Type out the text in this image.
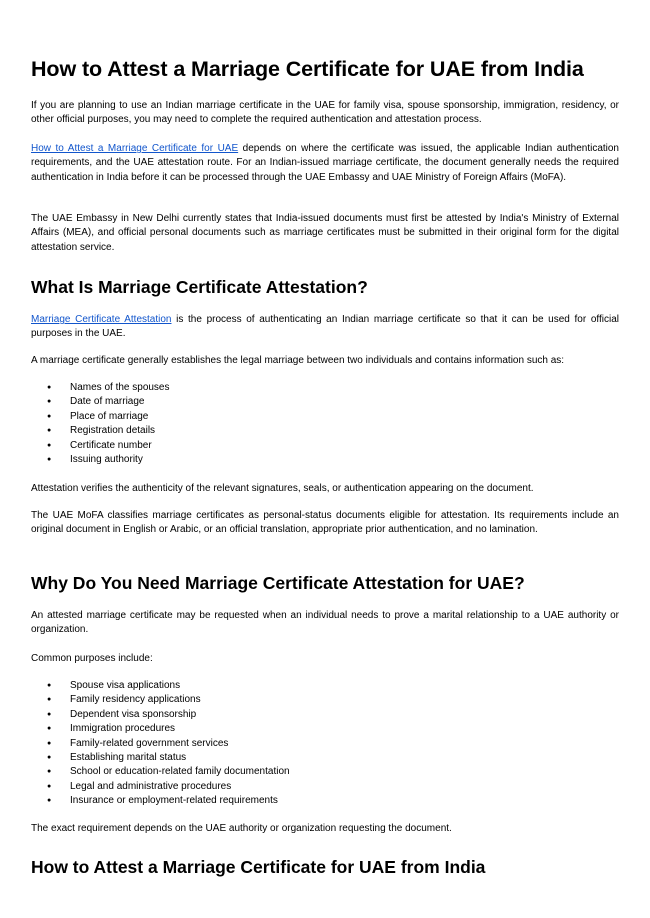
How to Attest a Marriage Certificate for UAE from India

If you are planning to use an Indian marriage certificate in the UAE for family visa, spouse sponsorship, immigration, residency, or other official purposes, you may need to complete the required authentication and attestation process.

How to Attest a Marriage Certificate for UAE depends on where the certificate was issued, the applicable Indian authentication requirements, and the UAE attestation route. For an Indian-issued marriage certificate, the document generally needs the required authentication in India before it can be processed through the UAE Embassy and UAE Ministry of Foreign Affairs (MoFA).

The UAE Embassy in New Delhi currently states that India-issued documents must first be attested by India's Ministry of External Affairs (MEA), and official personal documents such as marriage certificates must be submitted in their original form for the digital attestation service.

What Is Marriage Certificate Attestation?

Marriage Certificate Attestation is the process of authenticating an Indian marriage certificate so that it can be used for official purposes in the UAE.

A marriage certificate generally establishes the legal marriage between two individuals and contains information such as:

● Names of the spouses
● Date of marriage
● Place of marriage
● Registration details
● Certificate number
● Issuing authority

Attestation verifies the authenticity of the relevant signatures, seals, or authentication appearing on the document.

The UAE MoFA classifies marriage certificates as personal-status documents eligible for attestation. Its requirements include an original document in English or Arabic, or an official translation, appropriate prior authentication, and no lamination.

Why Do You Need Marriage Certificate Attestation for UAE?

An attested marriage certificate may be requested when an individual needs to prove a marital relationship to a UAE authority or organization.

Common purposes include:

● Spouse visa applications
● Family residency applications
● Dependent visa sponsorship
● Immigration procedures
● Family-related government services
● Establishing marital status
● School or education-related family documentation
● Legal and administrative procedures
● Insurance or employment-related requirements

The exact requirement depends on the UAE authority or organization requesting the document.

How to Attest a Marriage Certificate for UAE from India
